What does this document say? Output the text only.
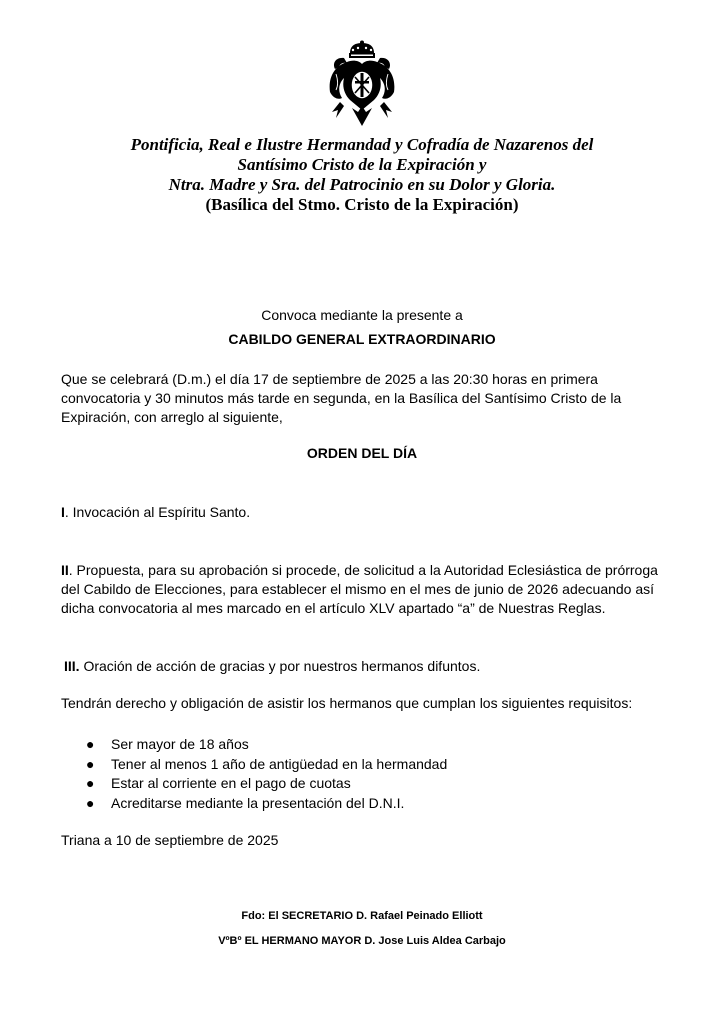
Pontificia, Real e Ilustre Hermandad y Cofradía de Nazarenos del
Santísimo Cristo de la Expiración y
Ntra. Madre y Sra. del Patrocinio en su Dolor y Gloria.
(Basílica del Stmo. Cristo de la Expiración)
Convoca mediante la presente a
CABILDO GENERAL EXTRAORDINARIO
Que se celebrará (D.m.) el día 17 de septiembre de 2025 a las 20:30 horas en primera convocatoria y 30 minutos más tarde en segunda, en la Basílica del Santísimo Cristo de la Expiración, con arreglo al siguiente,
ORDEN DEL DÍA
I. Invocación al Espíritu Santo.
II. Propuesta, para su aprobación si procede, de solicitud a la Autoridad Eclesiástica de prórroga del Cabildo de Elecciones, para establecer el mismo en el mes de junio de 2026 adecuando así dicha convocatoria al mes marcado en el artículo XLV apartado “a” de Nuestras Reglas.
III. Oración de acción de gracias y por nuestros hermanos difuntos.
Tendrán derecho y obligación de asistir los hermanos que cumplan los siguientes requisitos:
● Ser mayor de 18 años
● Tener al menos 1 año de antigüedad en la hermandad
● Estar al corriente en el pago de cuotas
● Acreditarse mediante la presentación del D.N.I.
Triana a 10 de septiembre de 2025
Fdo: El SECRETARIO D. Rafael Peinado Elliott
VºBº EL HERMANO MAYOR D. Jose Luis Aldea Carbajo
